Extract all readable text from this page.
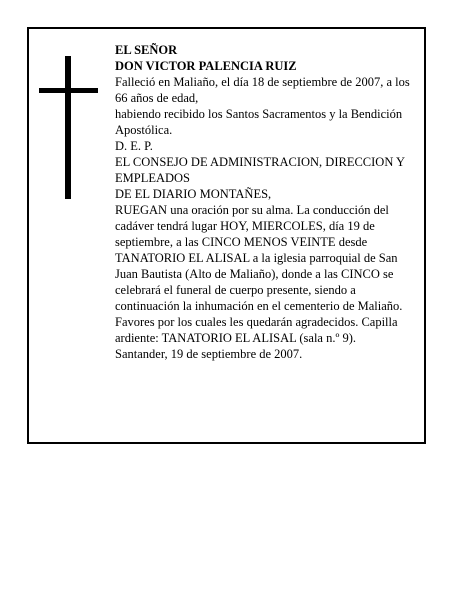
EL SEÑOR

DON VICTOR PALENCIA RUIZ

Falleció en Maliaño, el día 18 de septiembre de 2007, a los 66 años de edad,

habiendo recibido los Santos Sacramentos y la Bendición Apostólica.

D. E. P.

EL CONSEJO DE ADMINISTRACION, DIRECCION Y EMPLEADOS

DE EL DIARIO MONTAÑES,

RUEGAN una oración por su alma. La conducción del cadáver tendrá lugar HOY, MIERCOLES, día 19 de septiembre, a las CINCO MENOS VEINTE desde TANATORIO EL ALISAL a la iglesia parroquial de San Juan Bautista (Alto de Maliaño), donde a las CINCO se celebrará el funeral de cuerpo presente, siendo a continuación la inhumación en el cementerio de Maliaño. Favores por los cuales les quedarán agradecidos. Capilla ardiente: TANATORIO EL ALISAL (sala n.º 9).

Santander, 19 de septiembre de 2007.
